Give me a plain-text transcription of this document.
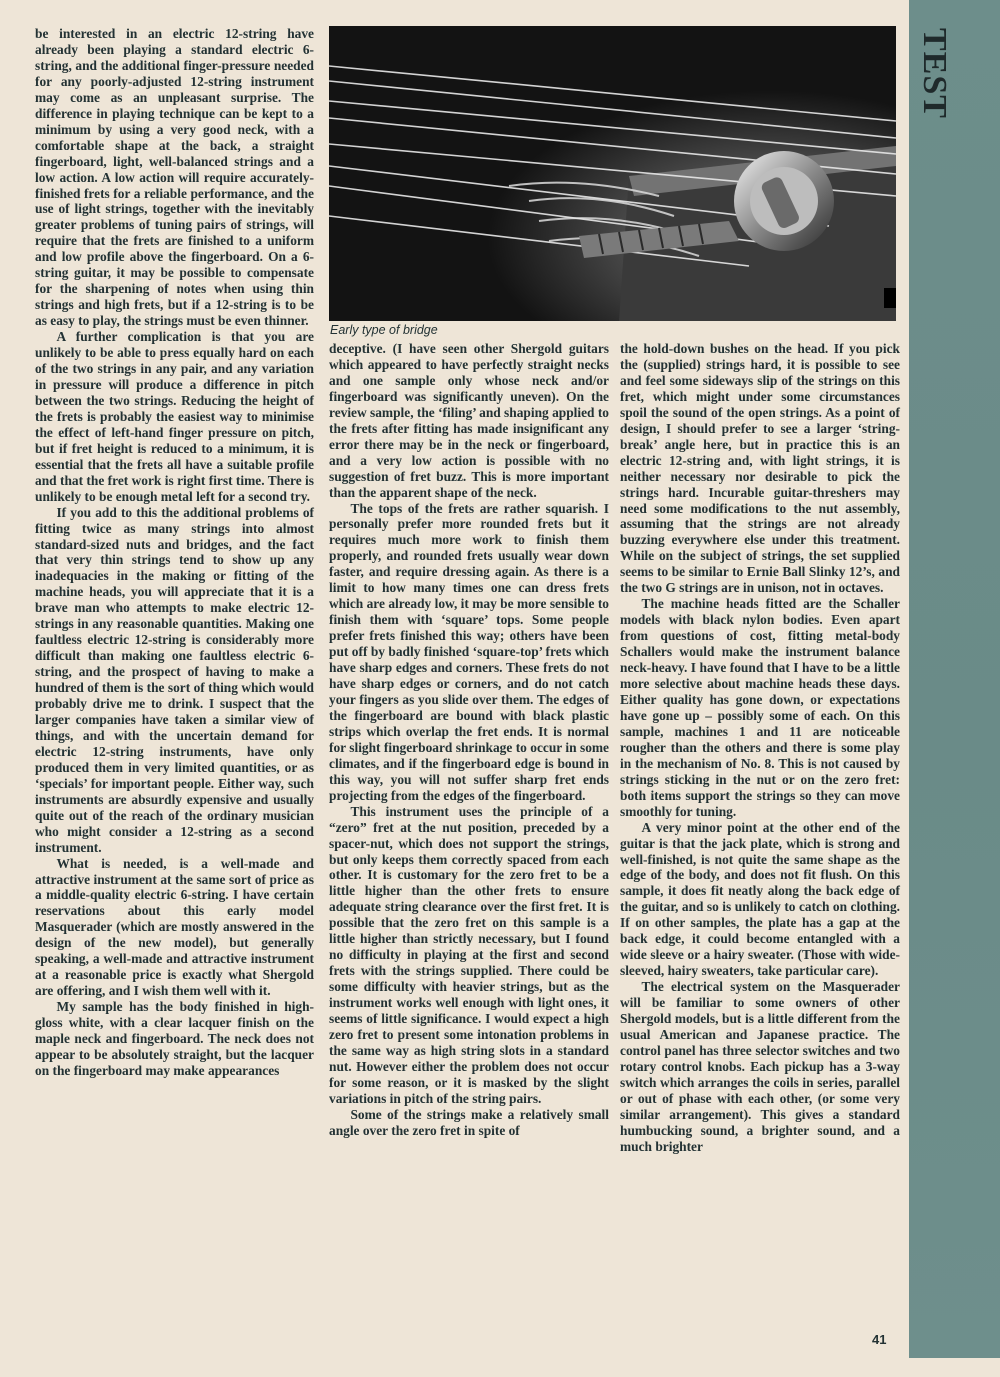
TEST
Early type of bridge

be interested in an electric 12-string have already been playing a standard electric 6-string, and the additional finger-pressure needed for any poorly-adjusted 12-string instrument may come as an unpleasant surprise. The difference in playing technique can be kept to a minimum by using a very good neck, with a comfortable shape at the back, a straight fingerboard, light, well-balanced strings and a low action. A low action will require accurately-finished frets for a reliable performance, and the use of light strings, together with the inevitably greater problems of tuning pairs of strings, will require that the frets are finished to a uniform and low profile above the fingerboard. On a 6-string guitar, it may be possible to compensate for the sharpening of notes when using thin strings and high frets, but if a 12-string is to be as easy to play, the strings must be even thinner.

A further complication is that you are unlikely to be able to press equally hard on each of the two strings in any pair, and any variation in pressure will produce a difference in pitch between the two strings. Reducing the height of the frets is probably the easiest way to minimise the effect of left-hand finger pressure on pitch, but if fret height is reduced to a minimum, it is essential that the frets all have a suitable profile and that the fret work is right first time. There is unlikely to be enough metal left for a second try.

If you add to this the additional problems of fitting twice as many strings into almost standard-sized nuts and bridges, and the fact that very thin strings tend to show up any inadequacies in the making or fitting of the machine heads, you will appreciate that it is a brave man who attempts to make electric 12-strings in any reasonable quantities. Making one faultless electric 12-string is considerably more difficult than making one faultless electric 6-string, and the prospect of having to make a hundred of them is the sort of thing which would probably drive me to drink. I suspect that the larger companies have taken a similar view of things, and with the uncertain demand for electric 12-string instruments, have only produced them in very limited quantities, or as ‘specials’ for important people. Either way, such instruments are absurdly expensive and usually quite out of the reach of the ordinary musician who might consider a 12-string as a second instrument.

What is needed, is a well-made and attractive instrument at the same sort of price as a middle-quality electric 6-string. I have certain reservations about this early model Masquerader (which are mostly answered in the design of the new model), but generally speaking, a well-made and attractive instrument at a reasonable price is exactly what Shergold are offering, and I wish them well with it.

My sample has the body finished in high-gloss white, with a clear lacquer finish on the maple neck and fingerboard. The neck does not appear to be absolutely straight, but the lacquer on the fingerboard may make appearances

deceptive. (I have seen other Shergold guitars which appeared to have perfectly straight necks and one sample only whose neck and/or fingerboard was significantly uneven). On the review sample, the ‘filing’ and shaping applied to the frets after fitting has made insignificant any error there may be in the neck or fingerboard, and a very low action is possible with no suggestion of fret buzz. This is more important than the apparent shape of the neck.

The tops of the frets are rather squarish. I personally prefer more rounded frets but it requires much more work to finish them properly, and rounded frets usually wear down faster, and require dressing again. As there is a limit to how many times one can dress frets which are already low, it may be more sensible to finish them with ‘square’ tops. Some people prefer frets finished this way; others have been put off by badly finished ‘square-top’ frets which have sharp edges and corners. These frets do not have sharp edges or corners, and do not catch your fingers as you slide over them. The edges of the fingerboard are bound with black plastic strips which overlap the fret ends. It is normal for slight fingerboard shrinkage to occur in some climates, and if the fingerboard edge is bound in this way, you will not suffer sharp fret ends projecting from the edges of the fingerboard.

This instrument uses the principle of a “zero” fret at the nut position, preceded by a spacer-nut, which does not support the strings, but only keeps them correctly spaced from each other. It is customary for the zero fret to be a little higher than the other frets to ensure adequate string clearance over the first fret. It is possible that the zero fret on this sample is a little higher than strictly necessary, but I found no difficulty in playing at the first and second frets with the strings supplied. There could be some difficulty with heavier strings, but as the instrument works well enough with light ones, it seems of little significance. I would expect a high zero fret to present some intonation problems in the same way as high string slots in a standard nut. However either the problem does not occur for some reason, or it is masked by the slight variations in pitch of the string pairs.

Some of the strings make a relatively small angle over the zero fret in spite of

the hold-down bushes on the head. If you pick the (supplied) strings hard, it is possible to see and feel some sideways slip of the strings on this fret, which might under some circumstances spoil the sound of the open strings. As a point of design, I should prefer to see a larger ‘string-break’ angle here, but in practice this is an electric 12-string and, with light strings, it is neither necessary nor desirable to pick the strings hard. Incurable guitar-threshers may need some modifications to the nut assembly, assuming that the strings are not already buzzing everywhere else under this treatment. While on the subject of strings, the set supplied seems to be similar to Ernie Ball Slinky 12’s, and the two G strings are in unison, not in octaves.

The machine heads fitted are the Schaller models with black nylon bodies. Even apart from questions of cost, fitting metal-body Schallers would make the instrument balance neck-heavy. I have found that I have to be a little more selective about machine heads these days. Either quality has gone down, or expectations have gone up – possibly some of each. On this sample, machines 1 and 11 are noticeable rougher than the others and there is some play in the mechanism of No. 8. This is not caused by strings sticking in the nut or on the zero fret: both items support the strings so they can move smoothly for tuning.

A very minor point at the other end of the guitar is that the jack plate, which is strong and well-finished, is not quite the same shape as the edge of the body, and does not fit flush. On this sample, it does fit neatly along the back edge of the guitar, and so is unlikely to catch on clothing. If on other samples, the plate has a gap at the back edge, it could become entangled with a wide sleeve or a hairy sweater. (Those with wide-sleeved, hairy sweaters, take particular care).

The electrical system on the Masquerader will be familiar to some owners of other Shergold models, but is a little different from the usual American and Japanese practice. The control panel has three selector switches and two rotary control knobs. Each pickup has a 3-way switch which arranges the coils in series, parallel or out of phase with each other, (or some very similar arrangement). This gives a standard humbucking sound, a brighter sound, and a much brighter

41
